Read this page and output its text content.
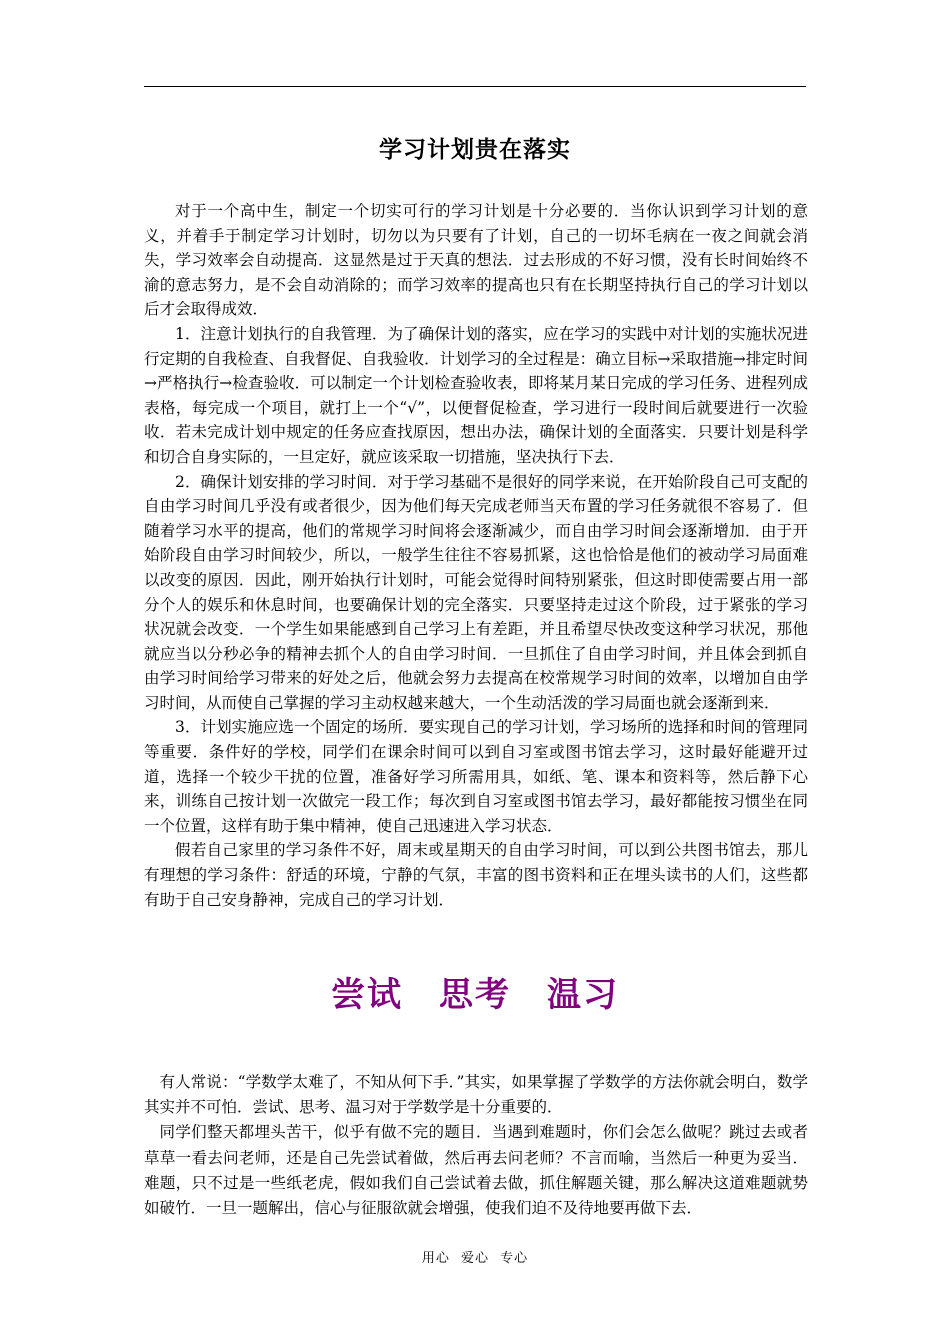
学习计划贵在落实

对于一个高中生，制定一个切实可行的学习计划是十分必要的．当你认识到学习计划的意义，并着手于制定学习计划时，切勿以为只要有了计划，自己的一切坏毛病在一夜之间就会消失，学习效率会自动提高．这显然是过于天真的想法．过去形成的不好习惯，没有长时间始终不渝的意志努力，是不会自动消除的；而学习效率的提高也只有在长期坚持执行自己的学习计划以后才会取得成效．

1．注意计划执行的自我管理．为了确保计划的落实，应在学习的实践中对计划的实施状况进行定期的自我检查、自我督促、自我验收．计划学习的全过程是：确立目标→采取措施→排定时间→严格执行→检查验收．可以制定一个计划检查验收表，即将某月某日完成的学习任务、进程列成表格，每完成一个项目，就打上一个“√”，以便督促检查，学习进行一段时间后就要进行一次验收．若未完成计划中规定的任务应查找原因，想出办法，确保计划的全面落实．只要计划是科学和切合自身实际的，一旦定好，就应该采取一切措施，坚决执行下去．

2．确保计划安排的学习时间．对于学习基础不是很好的同学来说，在开始阶段自己可支配的自由学习时间几乎没有或者很少，因为他们每天完成老师当天布置的学习任务就很不容易了．但随着学习水平的提高，他们的常规学习时间将会逐渐减少，而自由学习时间会逐渐增加．由于开始阶段自由学习时间较少，所以，一般学生往往不容易抓紧，这也恰恰是他们的被动学习局面难以改变的原因．因此，刚开始执行计划时，可能会觉得时间特别紧张，但这时即使需要占用一部分个人的娱乐和休息时间，也要确保计划的完全落实．只要坚持走过这个阶段，过于紧张的学习状况就会改变．一个学生如果能感到自己学习上有差距，并且希望尽快改变这种学习状况，那他就应当以分秒必争的精神去抓个人的自由学习时间．一旦抓住了自由学习时间，并且体会到抓自由学习时间给学习带来的好处之后，他就会努力去提高在校常规学习时间的效率，以增加自由学习时间，从而使自己掌握的学习主动权越来越大，一个生动活泼的学习局面也就会逐渐到来．

3．计划实施应选一个固定的场所．要实现自己的学习计划，学习场所的选择和时间的管理同等重要．条件好的学校，同学们在课余时间可以到自习室或图书馆去学习，这时最好能避开过道，选择一个较少干扰的位置，准备好学习所需用具，如纸、笔、课本和资料等，然后静下心来，训练自己按计划一次做完一段工作；每次到自习室或图书馆去学习，最好都能按习惯坐在同一个位置，这样有助于集中精神，使自己迅速进入学习状态．

假若自己家里的学习条件不好，周末或星期天的自由学习时间，可以到公共图书馆去，那儿有理想的学习条件：舒适的环境，宁静的气氛，丰富的图书资料和正在埋头读书的人们，这些都有助于自己安身静神，完成自己的学习计划．

尝试 思考 温习

有人常说：“学数学太难了，不知从何下手．”其实，如果掌握了学数学的方法你就会明白，数学其实并不可怕．尝试、思考、温习对于学数学是十分重要的．

同学们整天都埋头苦干，似乎有做不完的题目．当遇到难题时，你们会怎么做呢？跳过去或者草草一看去问老师，还是自己先尝试着做，然后再去问老师？不言而喻，当然后一种更为妥当．难题，只不过是一些纸老虎，假如我们自己尝试着去做，抓住解题关键，那么解决这道难题就势如破竹．一旦一题解出，信心与征服欲就会增强，使我们迫不及待地要再做下去．

用心 爱心 专心
